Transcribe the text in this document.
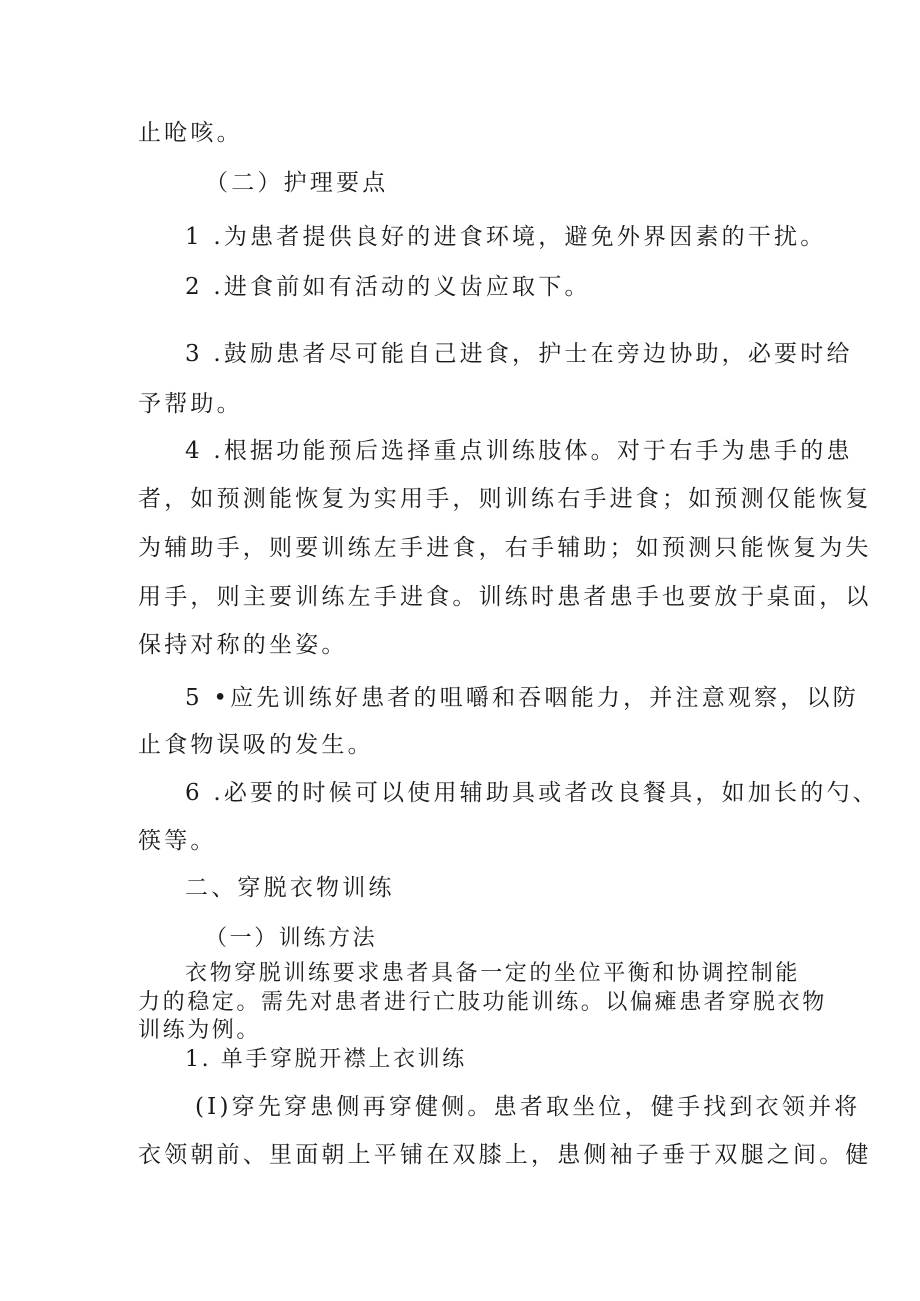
止呛咳。
（二）护理要点
1 .为患者提供良好的进食环境，避免外界因素的干扰。
2 .进食前如有活动的义齿应取下。
3 .鼓励患者尽可能自己进食，护士在旁边协助，必要时给
予帮助。
4 .根据功能预后选择重点训练肢体。对于右手为患手的患
者，如预测能恢复为实用手，则训练右手进食；如预测仅能恢复
为辅助手，则要训练左手进食，右手辅助；如预测只能恢复为失
用手，则主要训练左手进食。训练时患者患手也要放于桌面，以
保持对称的坐姿。
5 •应先训练好患者的咀嚼和吞咽能力，并注意观察，以防
止食物误吸的发生。
6 .必要的时候可以使用辅助具或者改良餐具，如加长的勺、
筷等。
二、穿脱衣物训练
（一）训练方法
衣物穿脱训练要求患者具备一定的坐位平衡和协调控制能
力的稳定。需先对患者进行亡肢功能训练。以偏瘫患者穿脱衣物
训练为例。
1. 单手穿脱开襟上衣训练
(I)穿先穿患侧再穿健侧。患者取坐位，健手找到衣领并将
衣领朝前、里面朝上平铺在双膝上，患侧袖子垂于双腿之间。健
